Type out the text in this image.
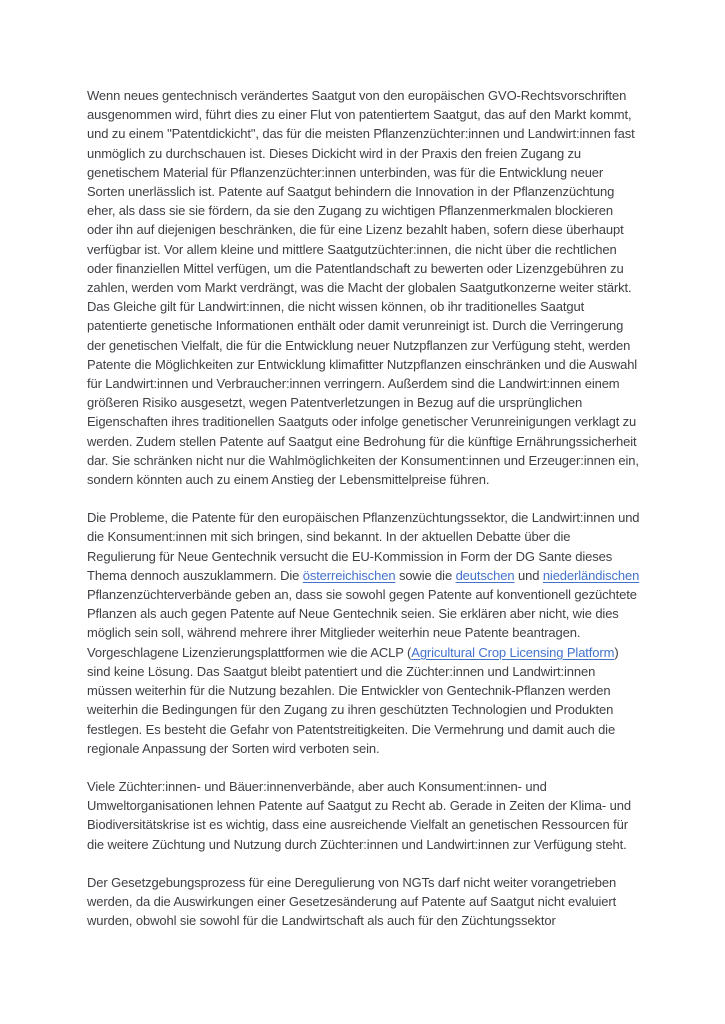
Wenn neues gentechnisch verändertes Saatgut von den europäischen GVO-Rechtsvorschriften ausgenommen wird, führt dies zu einer Flut von patentiertem Saatgut, das auf den Markt kommt, und zu einem "Patentdickicht", das für die meisten Pflanzenzüchter:innen und Landwirt:innen fast unmöglich zu durchschauen ist. Dieses Dickicht wird in der Praxis den freien Zugang zu genetischem Material für Pflanzenzüchter:innen unterbinden, was für die Entwicklung neuer Sorten unerlässlich ist. Patente auf Saatgut behindern die Innovation in der Pflanzenzüchtung eher, als dass sie sie fördern, da sie den Zugang zu wichtigen Pflanzenmerkmalen blockieren oder ihn auf diejenigen beschränken, die für eine Lizenz bezahlt haben, sofern diese überhaupt verfügbar ist. Vor allem kleine und mittlere Saatgutzüchter:innen, die nicht über die rechtlichen oder finanziellen Mittel verfügen, um die Patentlandschaft zu bewerten oder Lizenzgebühren zu zahlen, werden vom Markt verdrängt, was die Macht der globalen Saatgutkonzerne weiter stärkt. Das Gleiche gilt für Landwirt:innen, die nicht wissen können, ob ihr traditionelles Saatgut patentierte genetische Informationen enthält oder damit verunreinigt ist. Durch die Verringerung der genetischen Vielfalt, die für die Entwicklung neuer Nutzpflanzen zur Verfügung steht, werden Patente die Möglichkeiten zur Entwicklung klimafitter Nutzpflanzen einschränken und die Auswahl für Landwirt:innen und Verbraucher:innen verringern. Außerdem sind die Landwirt:innen einem größeren Risiko ausgesetzt, wegen Patentverletzungen in Bezug auf die ursprünglichen Eigenschaften ihres traditionellen Saatguts oder infolge genetischer Verunreinigungen verklagt zu werden. Zudem stellen Patente auf Saatgut eine Bedrohung für die künftige Ernährungssicherheit dar. Sie schränken nicht nur die Wahlmöglichkeiten der Konsument:innen und Erzeuger:innen ein, sondern könnten auch zu einem Anstieg der Lebensmittelpreise führen.

Die Probleme, die Patente für den europäischen Pflanzenzüchtungssektor, die Landwirt:innen und die Konsument:innen mit sich bringen, sind bekannt. In der aktuellen Debatte über die Regulierung für Neue Gentechnik versucht die EU-Kommission in Form der DG Sante dieses Thema dennoch auszuklammern. Die österreichischen sowie die deutschen und niederländischen Pflanzenzüchterverbände geben an, dass sie sowohl gegen Patente auf konventionell gezüchtete Pflanzen als auch gegen Patente auf Neue Gentechnik seien. Sie erklären aber nicht, wie dies möglich sein soll, während mehrere ihrer Mitglieder weiterhin neue Patente beantragen. Vorgeschlagene Lizenzierungsplattformen wie die ACLP (Agricultural Crop Licensing Platform) sind keine Lösung. Das Saatgut bleibt patentiert und die Züchter:innen und Landwirt:innen müssen weiterhin für die Nutzung bezahlen. Die Entwickler von Gentechnik-Pflanzen werden weiterhin die Bedingungen für den Zugang zu ihren geschützten Technologien und Produkten festlegen. Es besteht die Gefahr von Patentstreitigkeiten. Die Vermehrung und damit auch die regionale Anpassung der Sorten wird verboten sein.

Viele Züchter:innen- und Bäuer:innenverbände, aber auch Konsument:innen- und Umweltorganisationen lehnen Patente auf Saatgut zu Recht ab. Gerade in Zeiten der Klima- und Biodiversitätskrise ist es wichtig, dass eine ausreichende Vielfalt an genetischen Ressourcen für die weitere Züchtung und Nutzung durch Züchter:innen und Landwirt:innen zur Verfügung steht.

Der Gesetzgebungsprozess für eine Deregulierung von NGTs darf nicht weiter vorangetrieben werden, da die Auswirkungen einer Gesetzesänderung auf Patente auf Saatgut nicht evaluiert wurden, obwohl sie sowohl für die Landwirtschaft als auch für den Züchtungssektor
